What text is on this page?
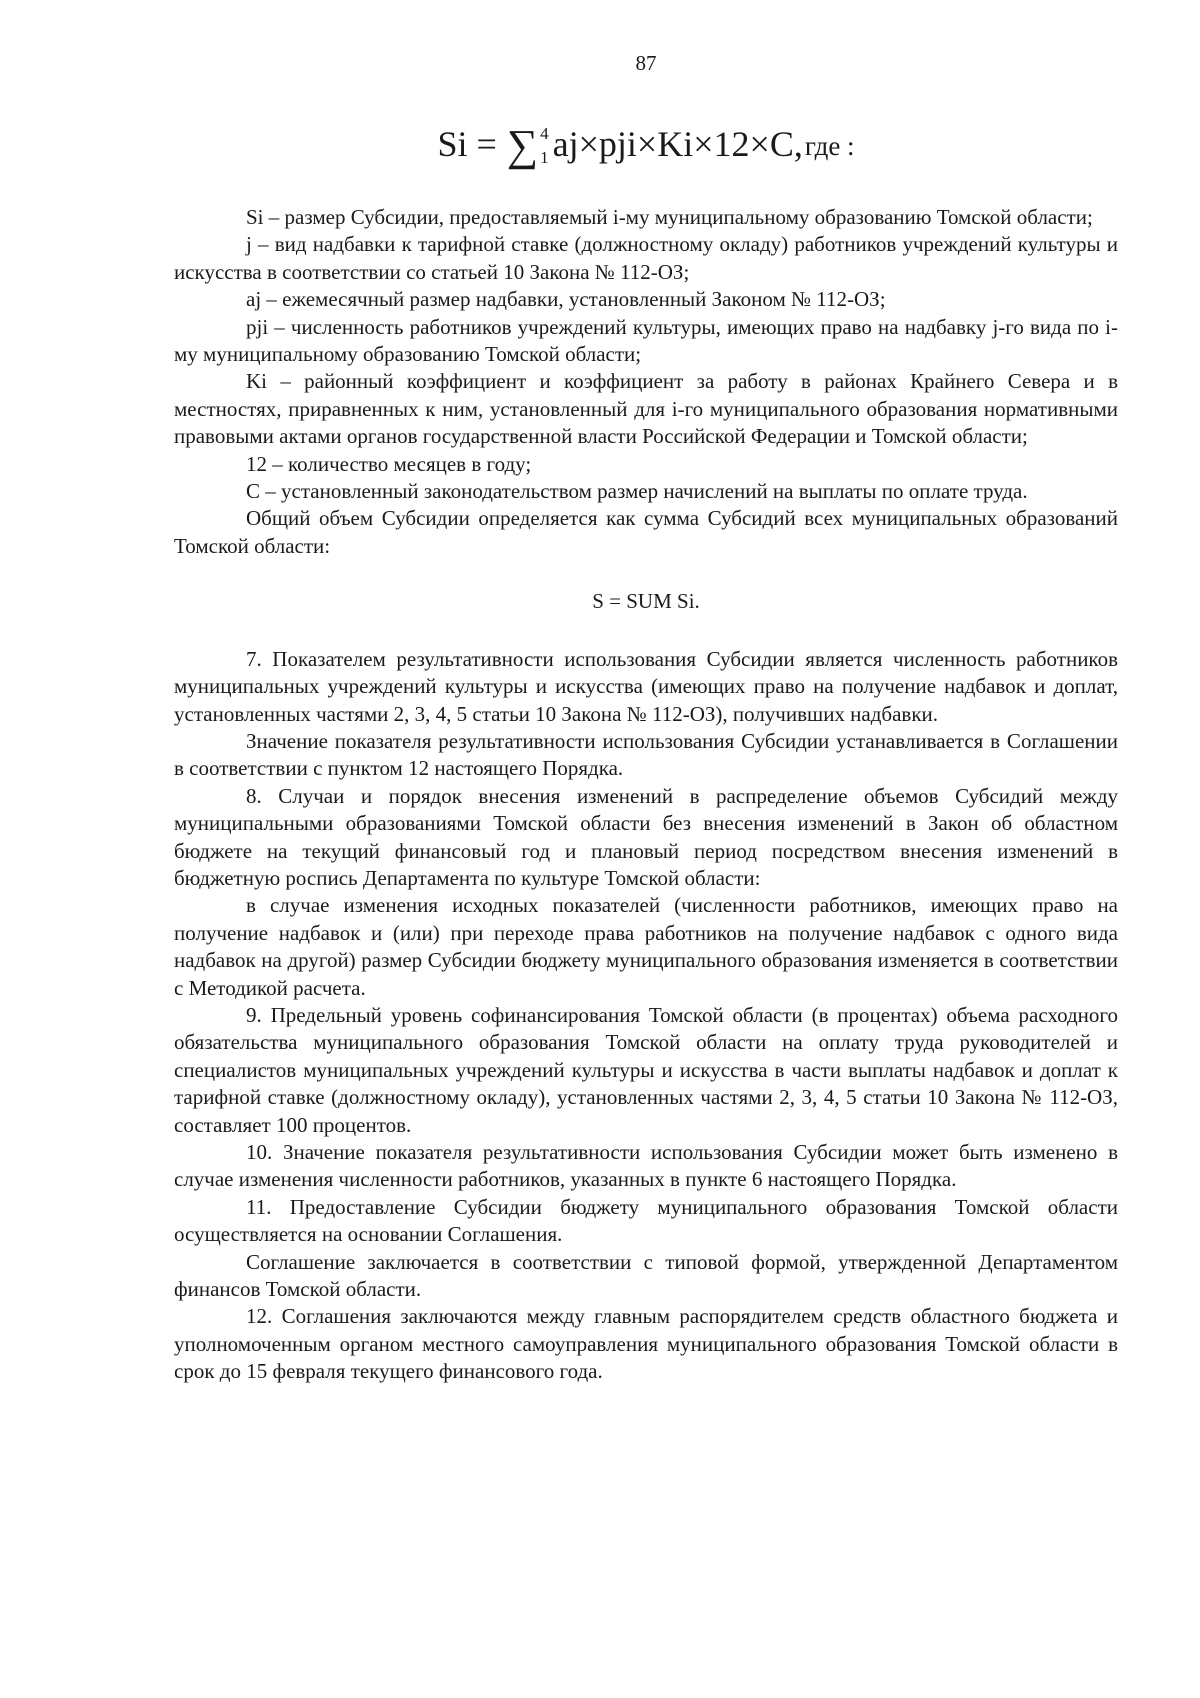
87
Si = ∑ 4
1 aj×pji×Ki×12×C, где :

Si – размер Субсидии, предоставляемый i-му муниципальному образованию Томской области;

j – вид надбавки к тарифной ставке (должностному окладу) работников учреждений культуры и искусства в соответствии со статьей 10 Закона № 112-ОЗ;

aj – ежемесячный размер надбавки, установленный Законом № 112-ОЗ;

pji – численность работников учреждений культуры, имеющих право на надбавку j-го вида по i-му муниципальному образованию Томской области;

Ki – районный коэффициент и коэффициент за работу в районах Крайнего Севера и в местностях, приравненных к ним, установленный для i-го муниципального образования нормативными правовыми актами органов государственной власти Российской Федерации и Томской области;

12 – количество месяцев в году;

C – установленный законодательством размер начислений на выплаты по оплате труда.

Общий объем Субсидии определяется как сумма Субсидий всех муниципальных образований Томской области:

S = SUM Si.

7. Показателем результативности использования Субсидии является численность работников муниципальных учреждений культуры и искусства (имеющих право на получение надбавок и доплат, установленных частями 2, 3, 4, 5 статьи 10 Закона № 112-ОЗ), получивших надбавки.

Значение показателя результативности использования Субсидии устанавливается в Соглашении в соответствии с пунктом 12 настоящего Порядка.

8. Случаи и порядок внесения изменений в распределение объемов Субсидий между муниципальными образованиями Томской области без внесения изменений в Закон об областном бюджете на текущий финансовый год и плановый период посредством внесения изменений в бюджетную роспись Департамента по культуре Томской области:

в случае изменения исходных показателей (численности работников, имеющих право на получение надбавок и (или) при переходе права работников на получение надбавок с одного вида надбавок на другой) размер Субсидии бюджету муниципального образования изменяется в соответствии с Методикой расчета.

9. Предельный уровень софинансирования Томской области (в процентах) объема расходного обязательства муниципального образования Томской области на оплату труда руководителей и специалистов муниципальных учреждений культуры и искусства в части выплаты надбавок и доплат к тарифной ставке (должностному окладу), установленных частями 2, 3, 4, 5 статьи 10 Закона № 112-ОЗ, составляет 100 процентов.

10. Значение показателя результативности использования Субсидии может быть изменено в случае изменения численности работников, указанных в пункте 6 настоящего Порядка.

11. Предоставление Субсидии бюджету муниципального образования Томской области осуществляется на основании Соглашения.

Соглашение заключается в соответствии с типовой формой, утвержденной Департаментом финансов Томской области.

12. Соглашения заключаются между главным распорядителем средств областного бюджета и уполномоченным органом местного самоуправления муниципального образования Томской области в срок до 15 февраля текущего финансового года.
